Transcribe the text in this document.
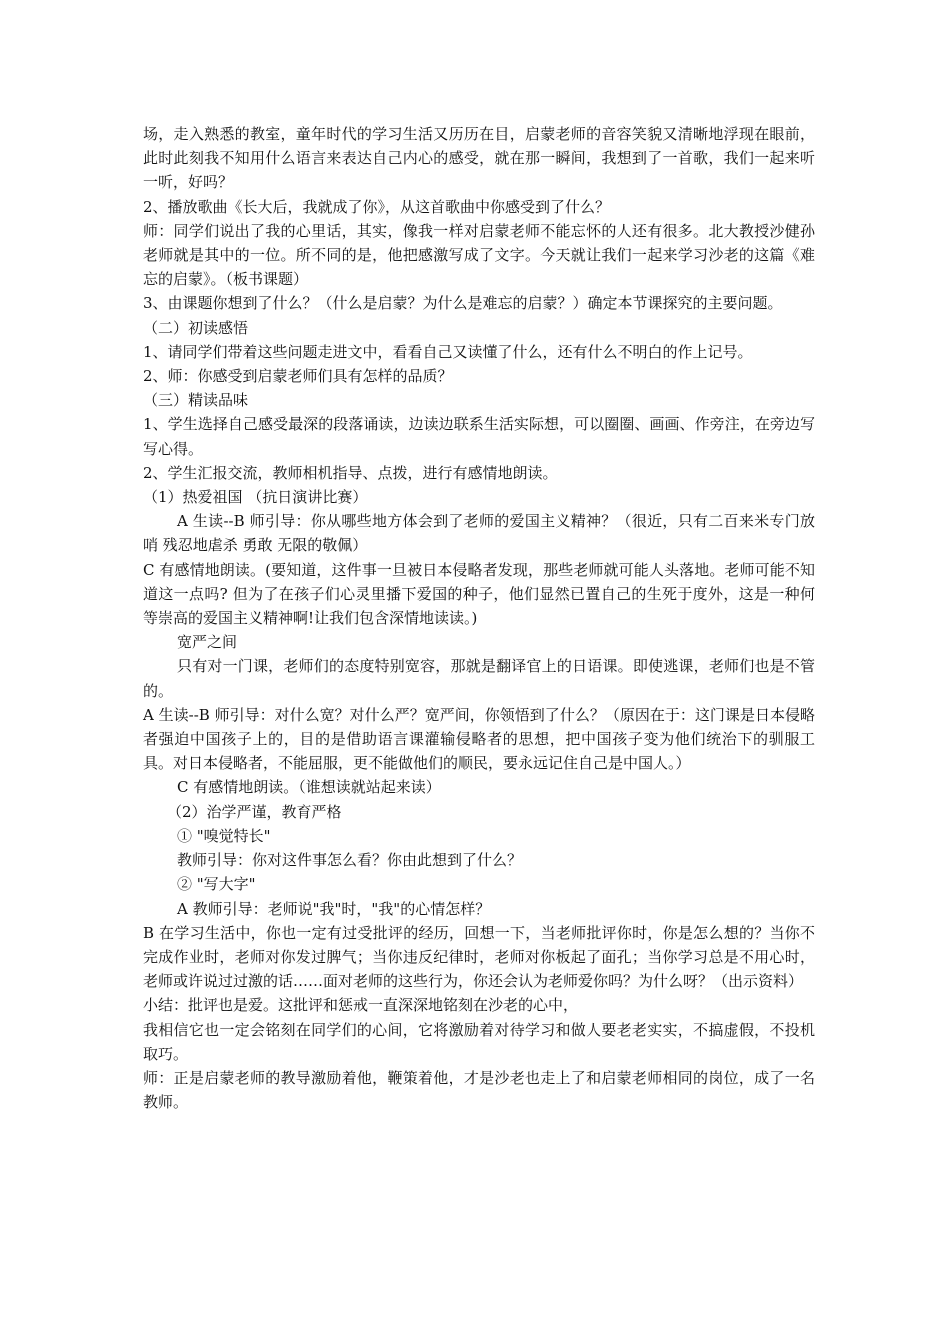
场，走入熟悉的教室，童年时代的学习生活又历历在目，启蒙老师的音容笑貌又清晰地浮现在眼前，此时此刻我不知用什么语言来表达自己内心的感受，就在那一瞬间，我想到了一首歌，我们一起来听一听，好吗？

2、播放歌曲《长大后，我就成了你》，从这首歌曲中你感受到了什么？

师：同学们说出了我的心里话，其实，像我一样对启蒙老师不能忘怀的人还有很多。北大教授沙健孙老师就是其中的一位。所不同的是，他把感激写成了文字。今天就让我们一起来学习沙老的这篇《难忘的启蒙》。（板书课题）

3、由课题你想到了什么？（什么是启蒙？为什么是难忘的启蒙？）确定本节课探究的主要问题。

（二）初读感悟

1、请同学们带着这些问题走进文中，看看自己又读懂了什么，还有什么不明白的作上记号。

2、师：你感受到启蒙老师们具有怎样的品质？

（三）精读品味

1、学生选择自己感受最深的段落诵读，边读边联系生活实际想，可以圈圈、画画、作旁注，在旁边写写心得。

2、学生汇报交流，教师相机指导、点拨，进行有感情地朗读。

（1）热爱祖国 （抗日演讲比赛）

A 生读--B 师引导：你从哪些地方体会到了老师的爱国主义精神？（很近，只有二百来米专门放哨 残忍地虐杀 勇敢 无限的敬佩）

C 有感情地朗读。(要知道，这件事一旦被日本侵略者发现，那些老师就可能人头落地。老师可能不知道这一点吗? 但为了在孩子们心灵里播下爱国的种子，他们显然已置自己的生死于度外，这是一种何等崇高的爱国主义精神啊!让我们包含深情地读读。)

宽严之间

只有对一门课，老师们的态度特别宽容，那就是翻译官上的日语课。即使逃课，老师们也是不管的。

A 生读--B 师引导：对什么宽？对什么严？宽严间，你领悟到了什么？（原因在于：这门课是日本侵略者强迫中国孩子上的，目的是借助语言课灌输侵略者的思想，把中国孩子变为他们统治下的驯服工具。对日本侵略者，不能屈服，更不能做他们的顺民，要永远记住自己是中国人。）

C 有感情地朗读。（谁想读就站起来读）

（2）治学严谨，教育严格

① "嗅觉特长"

教师引导：你对这件事怎么看？你由此想到了什么？

② "写大字"

A 教师引导：老师说"我"时，"我"的心情怎样？

B 在学习生活中，你也一定有过受批评的经历，回想一下，当老师批评你时，你是怎么想的？当你不完成作业时，老师对你发过脾气；当你违反纪律时，老师对你板起了面孔；当你学习总是不用心时，老师或许说过过激的话……面对老师的这些行为，你还会认为老师爱你吗？为什么呀？（出示资料）

小结：批评也是爱。这批评和惩戒一直深深地铭刻在沙老的心中，

我相信它也一定会铭刻在同学们的心间，它将激励着对待学习和做人要老老实实，不搞虚假，不投机取巧。

师：正是启蒙老师的教导激励着他，鞭策着他，才是沙老也走上了和启蒙老师相同的岗位，成了一名教师。
